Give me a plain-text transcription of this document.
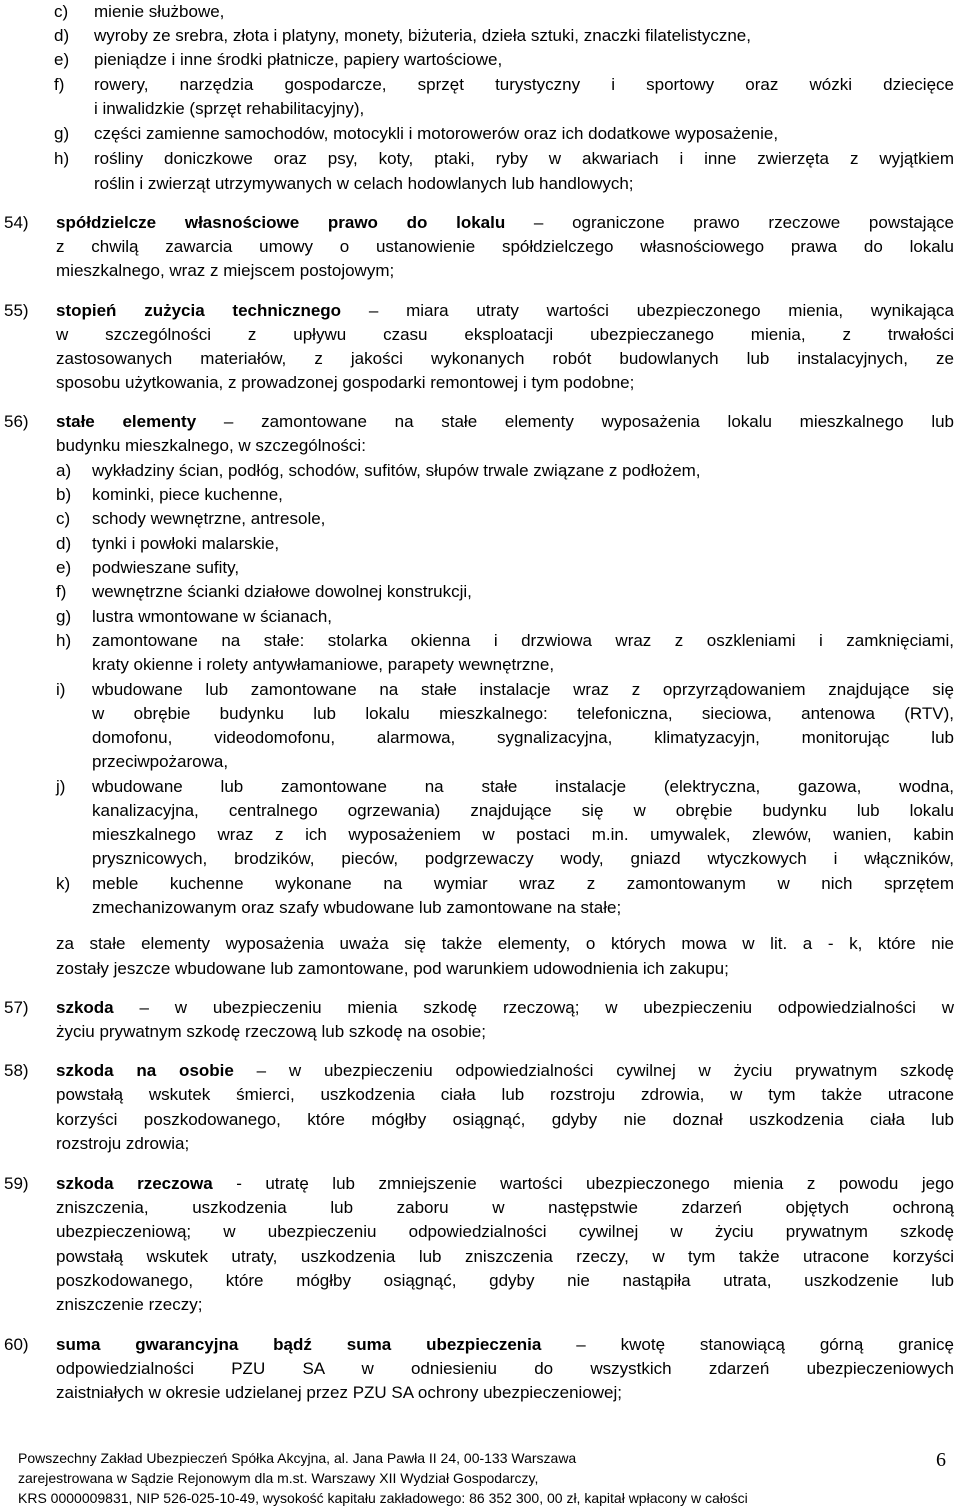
c) mienie służbowe,
d) wyroby ze srebra, złota i platyny, monety, biżuteria, dzieła sztuki, znaczki filatelistyczne,
e) pieniądze i inne środki płatnicze, papiery wartościowe,
f) rowery, narzędzia gospodarcze, sprzęt turystyczny i sportowy oraz wózki dziecięce
i inwalidzkie (sprzęt rehabilitacyjny),
g) części zamienne samochodów, motocykli i motorowerów oraz ich dodatkowe wyposażenie,
h) rośliny doniczkowe oraz psy, koty, ptaki, ryby w akwariach i inne zwierzęta z wyjątkiem
roślin i zwierząt utrzymywanych w celach hodowlanych lub handlowych;
54) spółdzielcze własnościowe prawo do lokalu – ograniczone prawo rzeczowe powstające
z chwilą zawarcia umowy o ustanowienie spółdzielczego własnościowego prawa do lokalu
mieszkalnego, wraz z miejscem postojowym;
55) stopień zużycia technicznego – miara utraty wartości ubezpieczonego mienia, wynikająca
w szczególności z upływu czasu eksploatacji ubezpieczanego mienia, z trwałości
zastosowanych materiałów, z jakości wykonanych robót budowlanych lub instalacyjnych, ze
sposobu użytkowania, z prowadzonej gospodarki remontowej i tym podobne;
56) stałe elementy – zamontowane na stałe elementy wyposażenia lokalu mieszkalnego lub
budynku mieszkalnego, w szczególności:
a) wykładziny ścian, podłóg, schodów, sufitów, słupów trwale związane z podłożem,
b) kominki, piece kuchenne,
c) schody wewnętrzne, antresole,
d) tynki i powłoki malarskie,
e) podwieszane sufity,
f) wewnętrzne ścianki działowe dowolnej konstrukcji,
g) lustra wmontowane w ścianach,
h) zamontowane na stałe: stolarka okienna i drzwiowa wraz z oszkleniami i zamknięciami,
kraty okienne i rolety antywłamaniowe, parapety wewnętrzne,
i) wbudowane lub zamontowane na stałe instalacje wraz z oprzyrządowaniem znajdujące się
w obrębie budynku lub lokalu mieszkalnego: telefoniczna, sieciowa, antenowa (RTV),
domofonu, videodomofonu, alarmowa, sygnalizacyjna, klimatyzacyjn, monitorując lub
przeciwpożarowa,
j) wbudowane lub zamontowane na stałe instalacje (elektryczna, gazowa, wodna,
kanalizacyjna, centralnego ogrzewania) znajdujące się w obrębie budynku lub lokalu
mieszkalnego wraz z ich wyposażeniem w postaci m.in. umywalek, zlewów, wanien, kabin
prysznicowych, brodzików, pieców, podgrzewaczy wody, gniazd wtyczkowych i włączników,
k) meble kuchenne wykonane na wymiar wraz z zamontowanym w nich sprzętem
zmechanizowanym oraz szafy wbudowane lub zamontowane na stałe;
za stałe elementy wyposażenia uważa się także elementy, o których mowa w lit. a - k, które nie
zostały jeszcze wbudowane lub zamontowane, pod warunkiem udowodnienia ich zakupu;
57) szkoda – w ubezpieczeniu mienia szkodę rzeczową; w ubezpieczeniu odpowiedzialności w
życiu prywatnym szkodę rzeczową lub szkodę na osobie;
58) szkoda na osobie – w ubezpieczeniu odpowiedzialności cywilnej w życiu prywatnym szkodę
powstałą wskutek śmierci, uszkodzenia ciała lub rozstroju zdrowia, w tym także utracone
korzyści poszkodowanego, które mógłby osiągnąć, gdyby nie doznał uszkodzenia ciała lub
rozstroju zdrowia;
59) szkoda rzeczowa - utratę lub zmniejszenie wartości ubezpieczonego mienia z powodu jego
zniszczenia, uszkodzenia lub zaboru w następstwie zdarzeń objętych ochroną
ubezpieczeniową; w ubezpieczeniu odpowiedzialności cywilnej w życiu prywatnym szkodę
powstałą wskutek utraty, uszkodzenia lub zniszczenia rzeczy, w tym także utracone korzyści
poszkodowanego, które mógłby osiągnąć, gdyby nie nastąpiła utrata, uszkodzenie lub
zniszczenie rzeczy;
60) suma gwarancyjna bądź suma ubezpieczenia – kwotę stanowiącą górną granicę
odpowiedzialności PZU SA w odniesieniu do wszystkich zdarzeń ubezpieczeniowych
zaistniałych w okresie udzielanej przez PZU SA ochrony ubezpieczeniowej;
Powszechny Zakład Ubezpieczeń Spółka Akcyjna, al. Jana Pawła II 24, 00-133 Warszawa
zarejestrowana w Sądzie Rejonowym dla m.st. Warszawy XII Wydział Gospodarczy,
KRS 0000009831, NIP 526-025-10-49, wysokość kapitału zakładowego: 86 352 300, 00 zł, kapitał wpłacony w całości
6
